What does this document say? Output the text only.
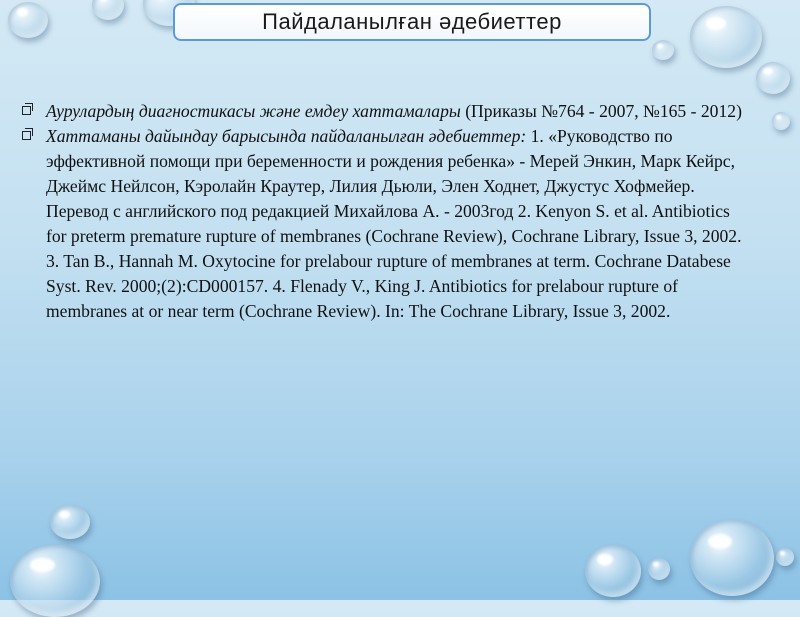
Пайдаланылған әдебиеттер

Аурулардың диагностикасы және емдеу хаттамалары (Приказы №764 - 2007, №165 - 2012)

Хаттаманы дайындау барысында пайдаланылған әдебиеттер: 1. «Руководство по эффективной помощи при беременности и рождения ребенка» - Мерей Энкин, Марк Кейрс, Джеймс Нейлсон, Кэролайн Краутер, Лилия Дьюли, Элен Ходнет, Джустус Хофмейер. Перевод с английского под редакцией Михайлова А. - 2003год 2. Kenyon S. et al. Antibiotics for preterm premature rupture of membranes (Cochrane Review), Cochrane Library, Issue 3, 2002. 3. Tan B., Hannah M. Oxytocine for prelabour rupture of membranes at term. Cochrane Databese Syst. Rev. 2000;(2):CD000157. 4. Flenady V., King J. Antibiotics for prelabour rupture of membranes at or near term (Cochrane Review). In: The Cochrane Library, Issue 3, 2002.
